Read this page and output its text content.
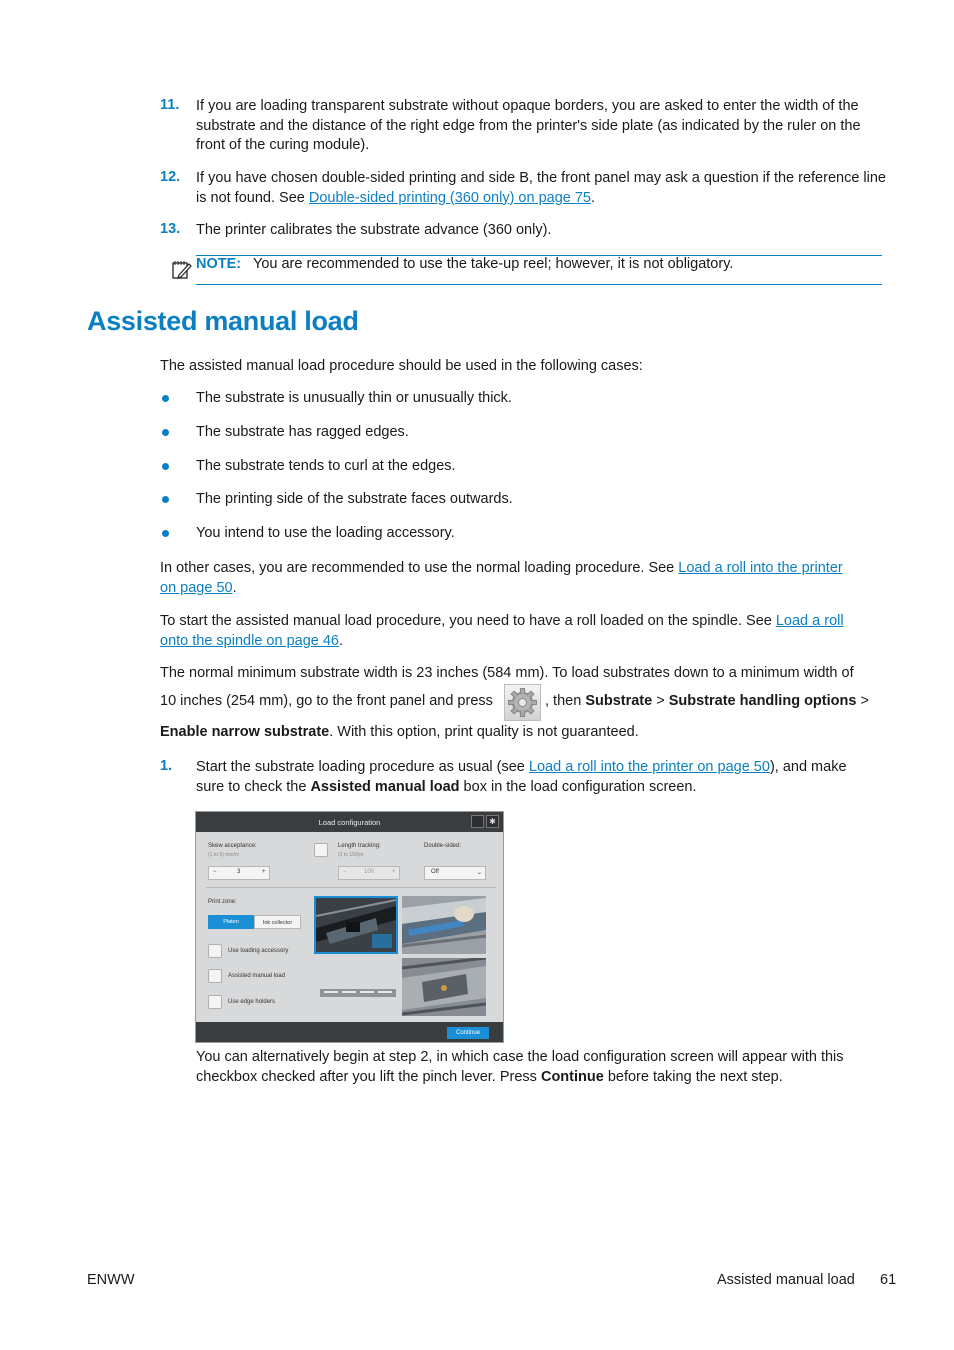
11. If you are loading transparent substrate without opaque borders, you are asked to enter the width of the substrate and the distance of the right edge from the printer's side plate (as indicated by the ruler on the front of the curing module).
12. If you have chosen double-sided printing and side B, the front panel may ask a question if the reference line is not found. See Double-sided printing (360 only) on page 75.
13. The printer calibrates the substrate advance (360 only).
NOTE: You are recommended to use the take-up reel; however, it is not obligatory.
Assisted manual load
The assisted manual load procedure should be used in the following cases:
The substrate is unusually thin or unusually thick.
The substrate has ragged edges.
The substrate tends to curl at the edges.
The printing side of the substrate faces outwards.
You intend to use the loading accessory.
In other cases, you are recommended to use the normal loading procedure. See Load a roll into the printer
on page 50.
To start the assisted manual load procedure, you need to have a roll loaded on the spindle. See Load a roll
onto the spindle on page 46.
The normal minimum substrate width is 23 inches (584 mm). To load substrates down to a minimum width of
10 inches (254 mm), go to the front panel and press	, then Substrate > Substrate handling options >
Enable narrow substrate. With this option, print quality is not guaranteed.
1. Start the substrate loading procedure as usual (see Load a roll into the printer on page 50), and make
sure to check the Assisted manual load box in the load configuration screen.
Load configuration	✱
Skew acceptance:
(1 to 5) mm/m
−	3	+
Length tracking:
(2 to 150)m
−	100	+
Double-sided:
Off	⌄
Print zone:
Platen	Ink collector
Use loading accessory
Assisted manual load
Use edge holders
Continue
You can alternatively begin at step 2, in which case the load configuration screen will appear with this
checkbox checked after you lift the pinch lever. Press Continue before taking the next step.
ENWW	Assisted manual load 61
